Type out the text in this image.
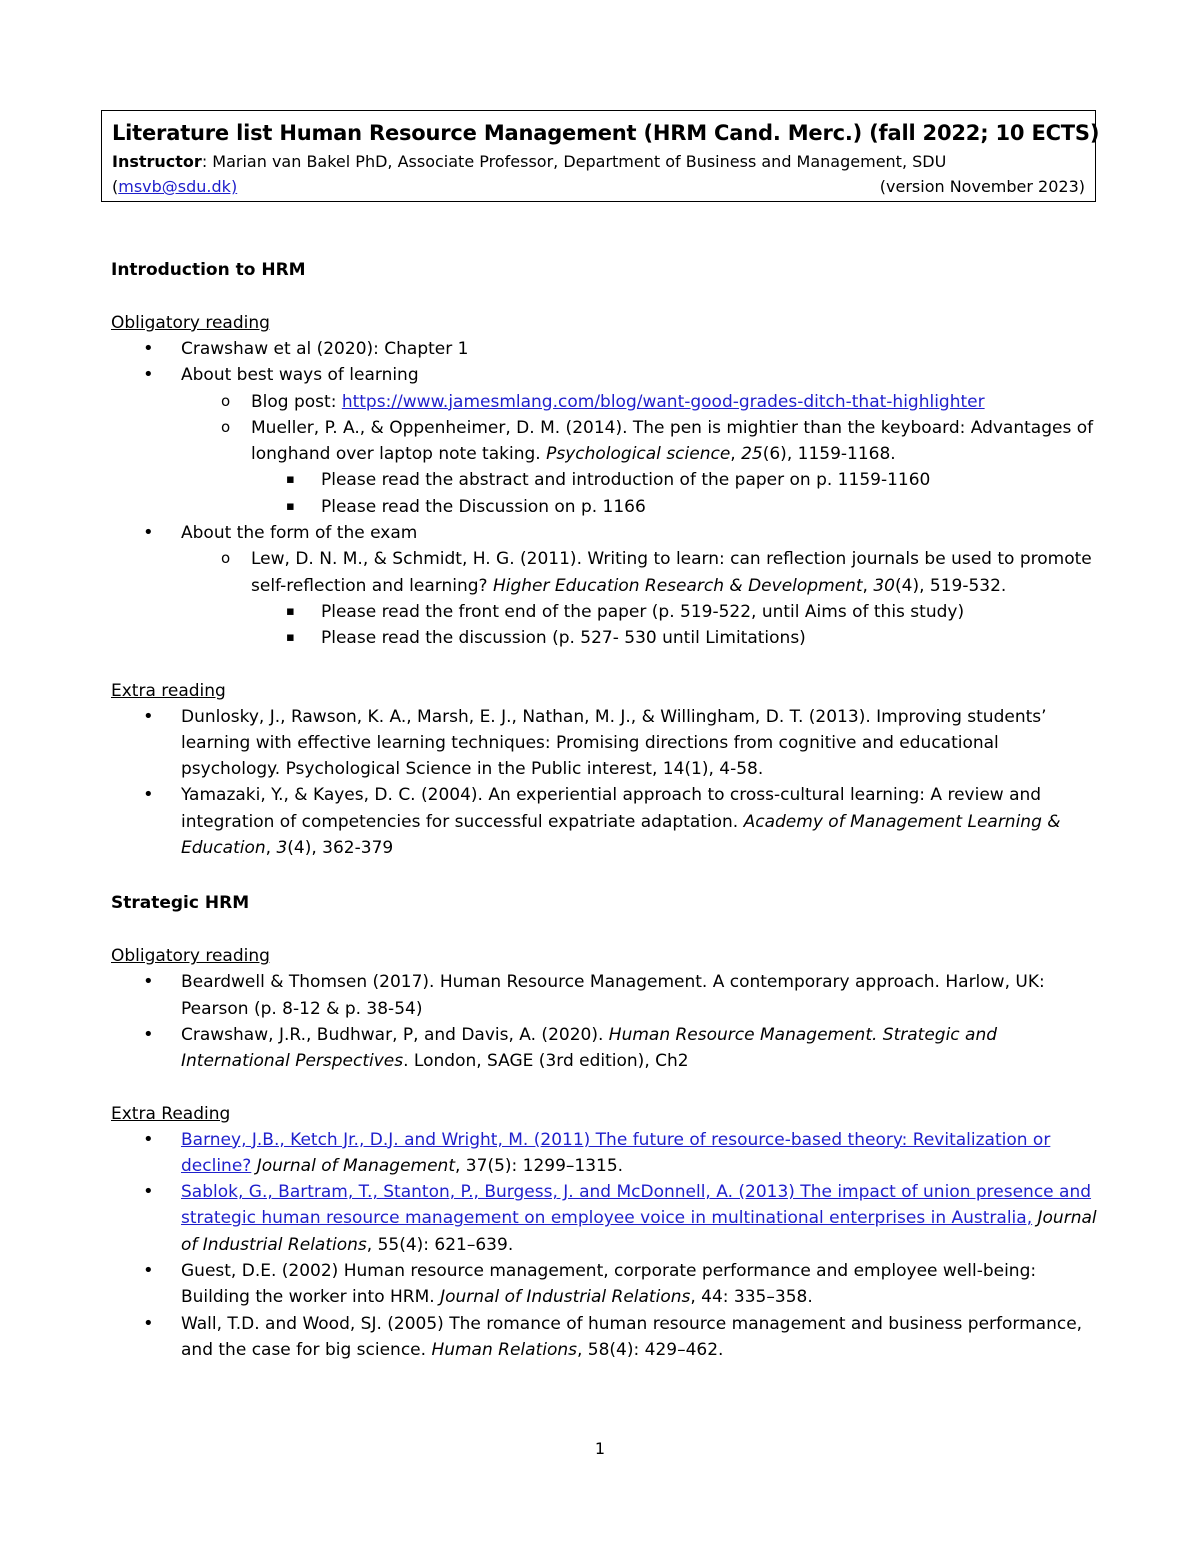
Literature list Human Resource Management (HRM Cand. Merc.) (fall 2022; 10 ECTS)
Instructor: Marian van Bakel PhD, Associate Professor, Department of Business and Management, SDU
(msvb@sdu.dk)	(version November 2023)
Introduction to HRM

Obligatory reading

• Crawshaw et al (2020): Chapter 1
• About best ways of learning
o Blog post: https://www.jamesmlang.com/blog/want-good-grades-ditch-that-highlighter
o Mueller, P. A., & Oppenheimer, D. M. (2014). The pen is mightier than the keyboard: Advantages of longhand over laptop note taking. Psychological science, 25(6), 1159-1168.
▪ Please read the abstract and introduction of the paper on p. 1159-1160
▪ Please read the Discussion on p. 1166
• About the form of the exam
o Lew, D. N. M., & Schmidt, H. G. (2011). Writing to learn: can reflection journals be used to promote self-reflection and learning? Higher Education Research & Development, 30(4), 519-532.
▪ Please read the front end of the paper (p. 519-522, until Aims of this study)
▪ Please read the discussion (p. 527- 530 until Limitations)

Extra reading

• Dunlosky, J., Rawson, K. A., Marsh, E. J., Nathan, M. J., & Willingham, D. T. (2013). Improving students’ learning with effective learning techniques: Promising directions from cognitive and educational psychology. Psychological Science in the Public interest, 14(1), 4-58.
• Yamazaki, Y., & Kayes, D. C. (2004). An experiential approach to cross-cultural learning: A review and integration of competencies for successful expatriate adaptation. Academy of Management Learning & Education, 3(4), 362-379
Strategic HRM

Obligatory reading

• Beardwell & Thomsen (2017). Human Resource Management. A contemporary approach. Harlow, UK: Pearson (p. 8-12 & p. 38-54)
• Crawshaw, J.R., Budhwar, P, and Davis, A. (2020). Human Resource Management. Strategic and International Perspectives. London, SAGE (3rd edition), Ch2

Extra Reading

• Barney, J.B., Ketch Jr., D.J. and Wright, M. (2011) The future of resource-based theory: Revitalization or decline? Journal of Management, 37(5): 1299–1315.
• Sablok, G., Bartram, T., Stanton, P., Burgess, J. and McDonnell, A. (2013) The impact of union presence and strategic human resource management on employee voice in multinational enterprises in Australia, Journal of Industrial Relations, 55(4): 621–639.
• Guest, D.E. (2002) Human resource management, corporate performance and employee well-being: Building the worker into HRM. Journal of Industrial Relations, 44: 335–358.
• Wall, T.D. and Wood, SJ. (2005) The romance of human resource management and business performance, and the case for big science. Human Relations, 58(4): 429–462.
1
